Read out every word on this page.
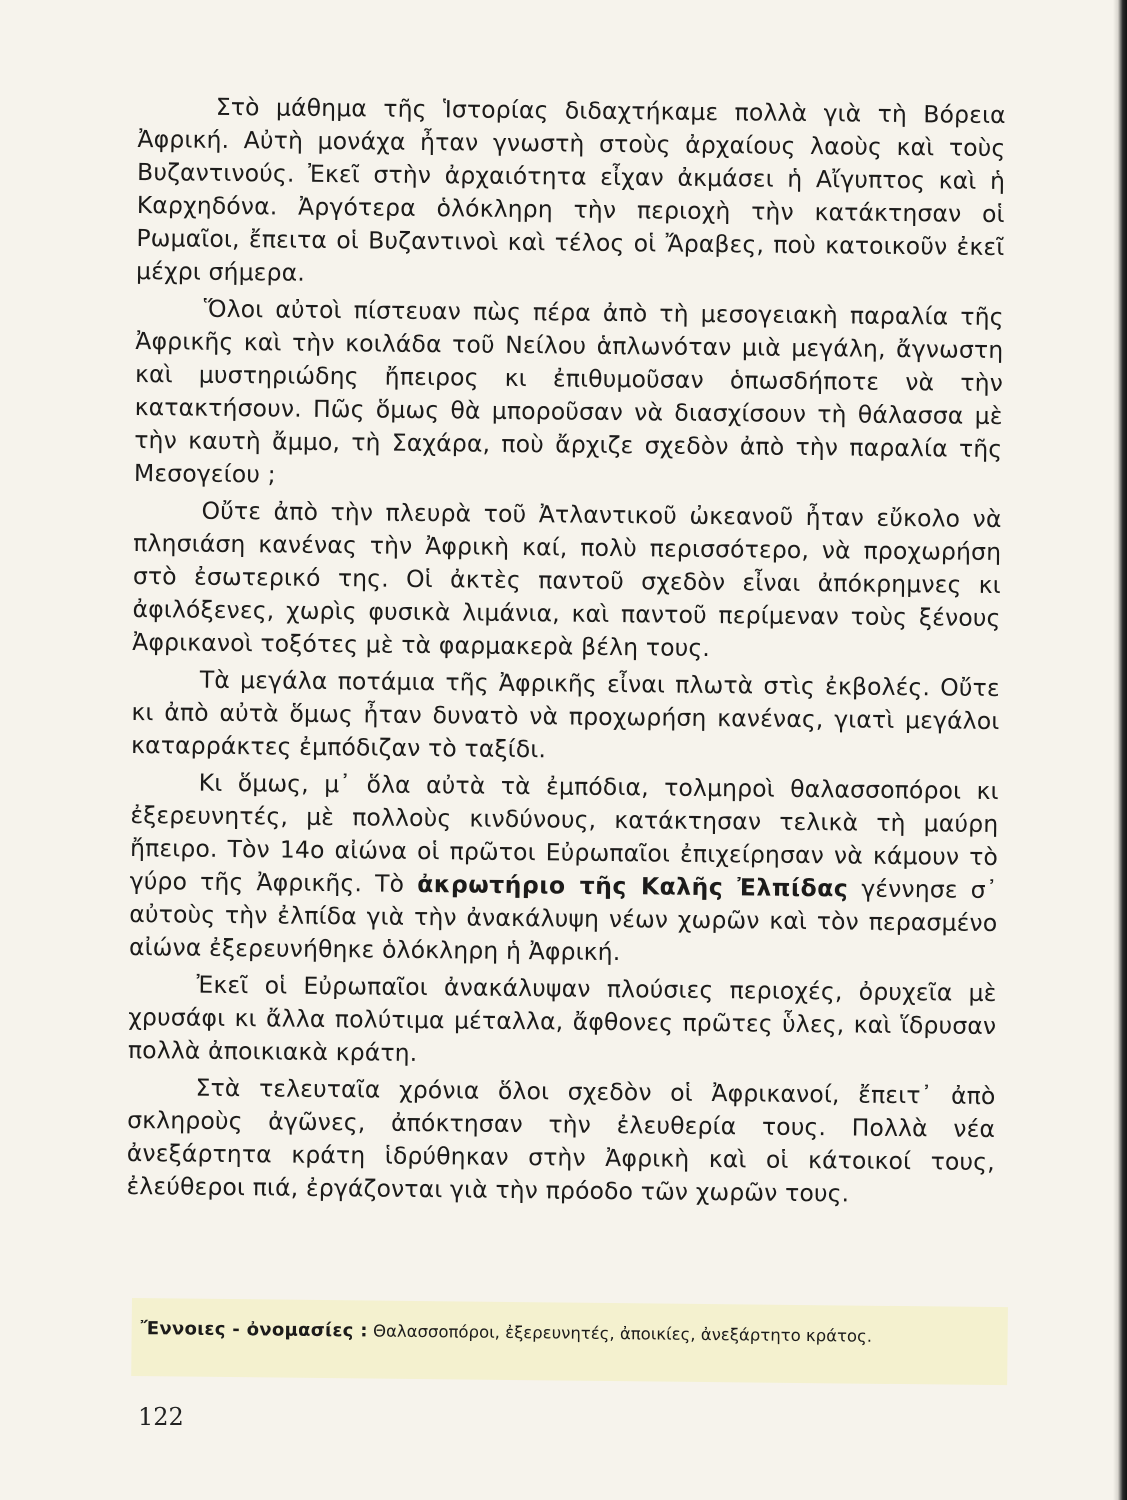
Στὸ μάθημα τῆς Ἱστορίας διδαχτήκαμε πολλὰ γιὰ τὴ Βόρεια Ἀφρική. Αὐτὴ μονάχα ἦταν γνωστὴ στοὺς ἀρχαίους λαοὺς καὶ τοὺς Βυζαντινούς. Ἐκεῖ στὴν ἀρχαιότητα εἶχαν ἀκμάσει ἡ Αἴγυπτος καὶ ἡ Καρχηδόνα. Ἀργότερα ὁλόκληρη τὴν περιοχὴ τὴν κατάκτησαν οἱ Ρωμαῖοι, ἔπειτα οἱ Βυζαντινοὶ καὶ τέλος οἱ Ἄραβες, ποὺ κατοικοῦν ἐκεῖ μέχρι σήμερα.

Ὅλοι αὐτοὶ πίστευαν πὼς πέρα ἀπὸ τὴ μεσογειακὴ παραλία τῆς Ἀφρικῆς καὶ τὴν κοιλάδα τοῦ Νείλου ἁπλωνόταν μιὰ μεγάλη, ἄγνωστη καὶ μυστηριώδης ἤπειρος κι ἐπιθυμοῦσαν ὁπωσδήποτε νὰ τὴν κατακτήσουν. Πῶς ὅμως θὰ μποροῦσαν νὰ διασχίσουν τὴ θάλασσα μὲ τὴν καυτὴ ἄμμο, τὴ Σαχάρα, ποὺ ἄρχιζε σχεδὸν ἀπὸ τὴν παραλία τῆς Μεσογείου ;

Οὔτε ἀπὸ τὴν πλευρὰ τοῦ Ἀτλαντικοῦ ὠκεανοῦ ἦταν εὔκολο νὰ πλησιάση κανένας τὴν Ἀφρικὴ καί, πολὺ περισσότερο, νὰ προχωρήση στὸ ἐσωτερικό της. Οἱ ἀκτὲς παντοῦ σχεδὸν εἶναι ἀπόκρημνες κι ἀφιλόξενες, χωρὶς φυσικὰ λιμάνια, καὶ παντοῦ περίμεναν τοὺς ξένους Ἀφρικανοὶ τοξότες μὲ τὰ φαρμακερὰ βέλη τους.

Τὰ μεγάλα ποτάμια τῆς Ἀφρικῆς εἶναι πλωτὰ στὶς ἐκβολές. Οὔτε κι ἀπὸ αὐτὰ ὅμως ἦταν δυνατὸ νὰ προχωρήση κανένας, γιατὶ μεγάλοι καταρράκτες ἐμπόδιζαν τὸ ταξίδι.

Κι ὅμως, μ᾽ ὅλα αὐτὰ τὰ ἐμπόδια, τολμηροὶ θαλασσοπόροι κι ἐξερευνητές, μὲ πολλοὺς κινδύνους, κατάκτησαν τελικὰ τὴ μαύρη ἤπειρο. Τὸν 14ο αἰώνα οἱ πρῶτοι Εὐρωπαῖοι ἐπιχείρησαν νὰ κάμουν τὸ γύρο τῆς Ἀφρικῆς. Τὸ ἀκρωτήριο τῆς Καλῆς Ἐλπίδας γέννησε σ᾽ αὐτοὺς τὴν ἐλπίδα γιὰ τὴν ἀνακάλυψη νέων χωρῶν καὶ τὸν περασμένο αἰώνα ἐξερευνήθηκε ὁλόκληρη ἡ Ἀφρική.

Ἐκεῖ οἱ Εὐρωπαῖοι ἀνακάλυψαν πλούσιες περιοχές, ὀρυχεῖα μὲ χρυσάφι κι ἄλλα πολύτιμα μέταλλα, ἄφθονες πρῶτες ὗλες, καὶ ἵδρυσαν πολλὰ ἀποικιακὰ κράτη.

Στὰ τελευταῖα χρόνια ὅλοι σχεδὸν οἱ Ἀφρικανοί, ἔπειτ᾽ ἀπὸ σκληροὺς ἀγῶνες, ἀπόκτησαν τὴν ἐλευθερία τους. Πολλὰ νέα ἀνεξάρτητα κράτη ἱδρύθηκαν στὴν Ἀφρικὴ καὶ οἱ κάτοικοί τους, ἐλεύθεροι πιά, ἐργάζονται γιὰ τὴν πρόοδο τῶν χωρῶν τους.

Ἔννοιες - ὀνομασίες : Θαλασσοπόροι, ἐξερευνητές, ἀποικίες, ἀνεξάρτητο κράτος.
122
